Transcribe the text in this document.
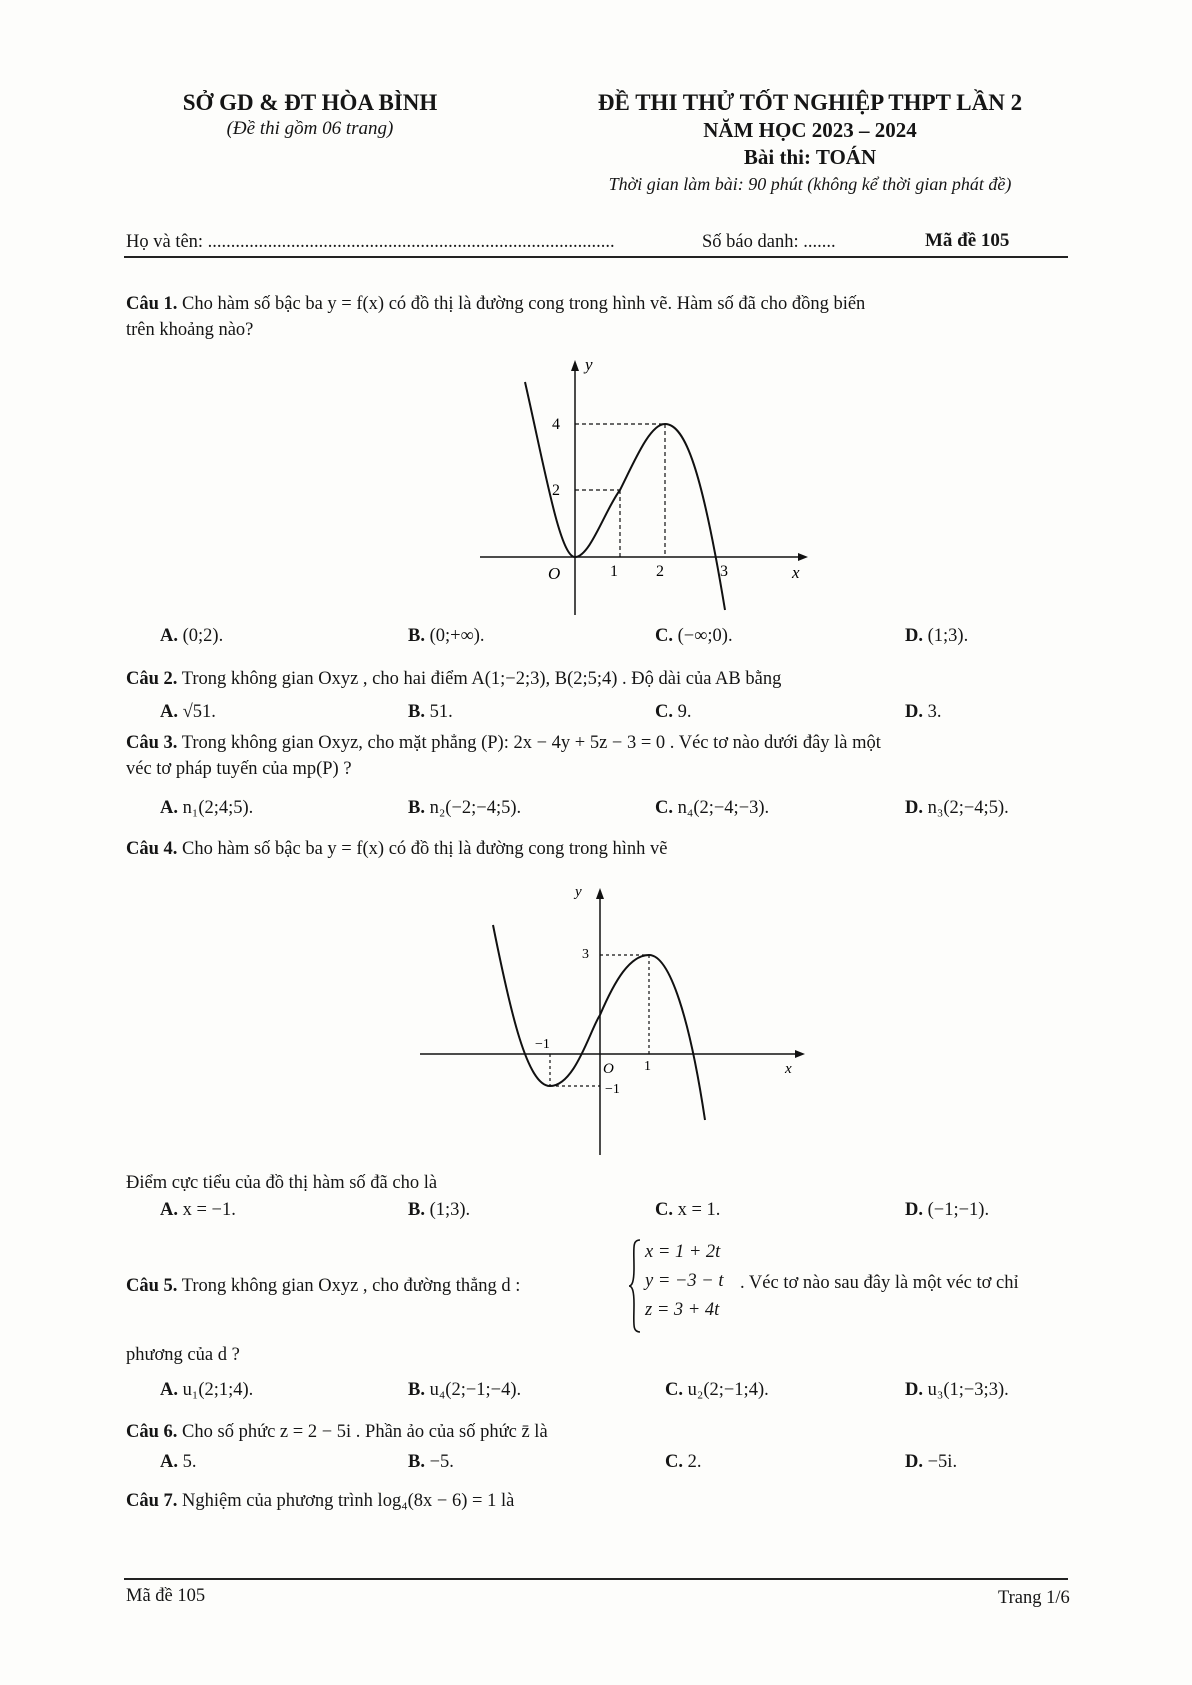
SỞ GD & ĐT HÒA BÌNH
(Đề thi gồm 06 trang)
ĐỀ THI THỬ TỐT NGHIỆP THPT LẦN 2
NĂM HỌC 2023 – 2024
Bài thi: TOÁN
Thời gian làm bài: 90 phút (không kể thời gian phát đề)
Họ và tên: ........................................................................................	Số báo danh: .......	Mã đề 105
Câu 1. Cho hàm số bậc ba y = f(x) có đồ thị là đường cong trong hình vẽ. Hàm số đã cho đồng biến
trên khoảng nào?
y
x
O	1 2	3
2
4
A. (0;2).	B. (0;+∞).	C. (−∞;0).	D. (1;3).
Câu 2. Trong không gian Oxyz , cho hai điểm A(1;−2;3), B(2;5;4) . Độ dài của AB bằng
A. √51.	B. 51.	C. 9.	D. 3.
Câu 3. Trong không gian Oxyz, cho mặt phẳng (P): 2x − 4y + 5z − 3 = 0 . Véc tơ nào dưới đây là một
véc tơ pháp tuyến của mp(P) ?
A. n₁(2;4;5).	B. n₂(−2;−4;5).	C. n₄(2;−4;−3).	D. n₃(2;−4;5).
Câu 4. Cho hàm số bậc ba y = f(x) có đồ thị là đường cong trong hình vẽ
y
x
O
−1
1
3
−1
Điểm cực tiểu của đồ thị hàm số đã cho là
A. x = −1.	B. (1;3).	C. x = 1.	D. (−1;−1).
Câu 5. Trong không gian Oxyz , cho đường thẳng d :
x = 1 + 2t
y = −3 − t
z = 3 + 4t
. Véc tơ nào sau đây là một véc tơ chỉ
phương của d ?
A. u₁(2;1;4).	B. u₄(2;−1;−4).	C. u₂(2;−1;4).	D. u₃(1;−3;3).
Câu 6. Cho số phức z = 2 − 5i . Phần ảo của số phức z̄ là
A. 5.	B. −5.	C. 2.	D. −5i.
Câu 7. Nghiệm của phương trình log₄(8x − 6) = 1 là
Mã đề 105	Trang 1/6
